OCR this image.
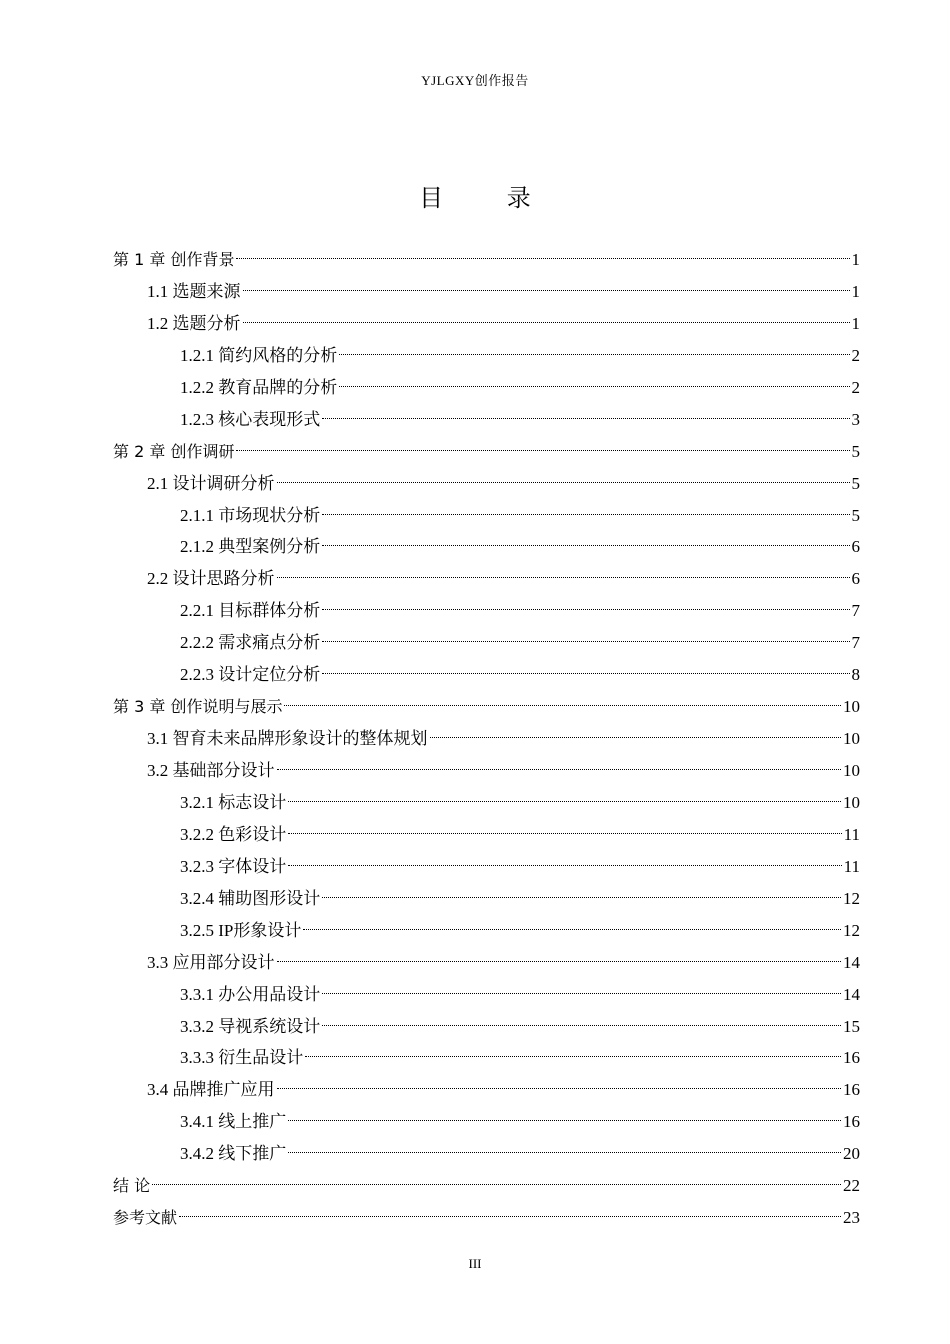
YJLGXY创作报告
目 录
第 1 章 创作背景	1
1.1 选题来源	1
1.2 选题分析	1
1.2.1 简约风格的分析	2
1.2.2 教育品牌的分析	2
1.2.3 核心表现形式	3
第 2 章 创作调研	5
2.1 设计调研分析	5
2.1.1 市场现状分析	5
2.1.2 典型案例分析	6
2.2 设计思路分析	6
2.2.1 目标群体分析	7
2.2.2 需求痛点分析	7
2.2.3 设计定位分析	8
第 3 章 创作说明与展示	10
3.1 智育未来品牌形象设计的整体规划	10
3.2 基础部分设计	10
3.2.1 标志设计	10
3.2.2 色彩设计	11
3.2.3 字体设计	11
3.2.4 辅助图形设计	12
3.2.5 IP形象设计	12
3.3 应用部分设计	14
3.3.1 办公用品设计	14
3.3.2 导视系统设计	15
3.3.3 衍生品设计	16
3.4 品牌推广应用	16
3.4.1 线上推广	16
3.4.2 线下推广	20
结 论	22
参考文献	23
III
